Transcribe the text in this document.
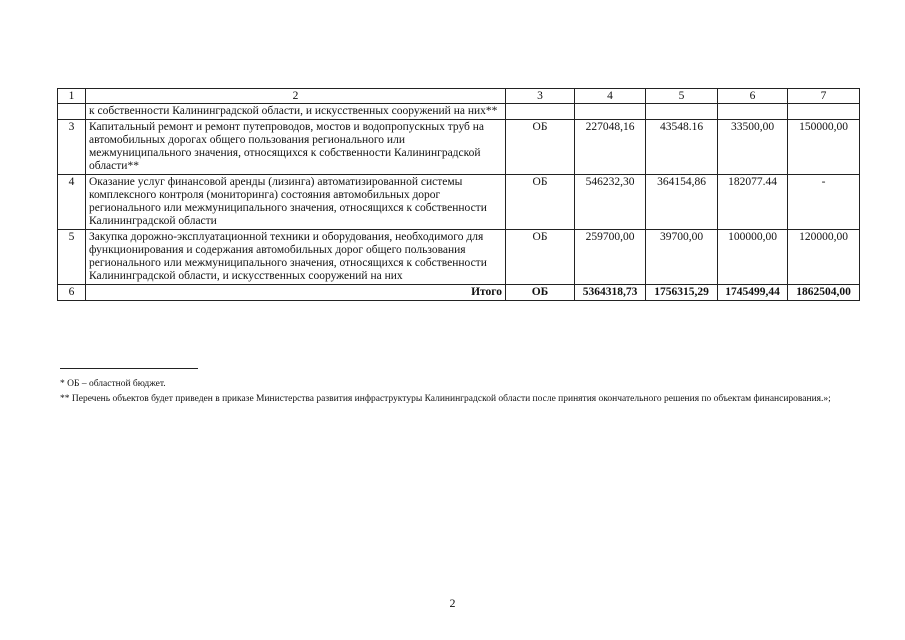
1	2	3	4	5	6	7
	к собственности Калининградской области, и искусственных сооружений на них**					
3	Капитальный ремонт и ремонт путепроводов, мостов и водопропускных труб на автомобильных дорогах общего пользования регионального или межмуниципального значения, относящихся к собственности Калининградской области**	ОБ	227048,16	43548.16	33500,00	150000,00
4	Оказание услуг финансовой аренды (лизинга) автоматизированной системы комплексного контроля (мониторинга) состояния автомобильных дорог регионального или межмуниципального значения, относящихся к собственности Калининградской области	ОБ	546232,30	364154,86	182077.44	-
5	Закупка дорожно-эксплуатационной техники и оборудования, необходимого для функционирования и содержания автомобильных дорог общего пользования регионального или межмуниципального значения, относящихся к собственности Калининградской области, и искусственных сооружений на них	ОБ	259700,00	39700,00	100000,00	120000,00
6	Итого	ОБ	5364318,73	1756315,29	1745499,44	1862504,00
* ОБ – областной бюджет.
** Перечень объектов будет приведен в приказе Министерства развития инфраструктуры Калининградской области после принятия окончательного решения по объектам финансирования.»;
2
